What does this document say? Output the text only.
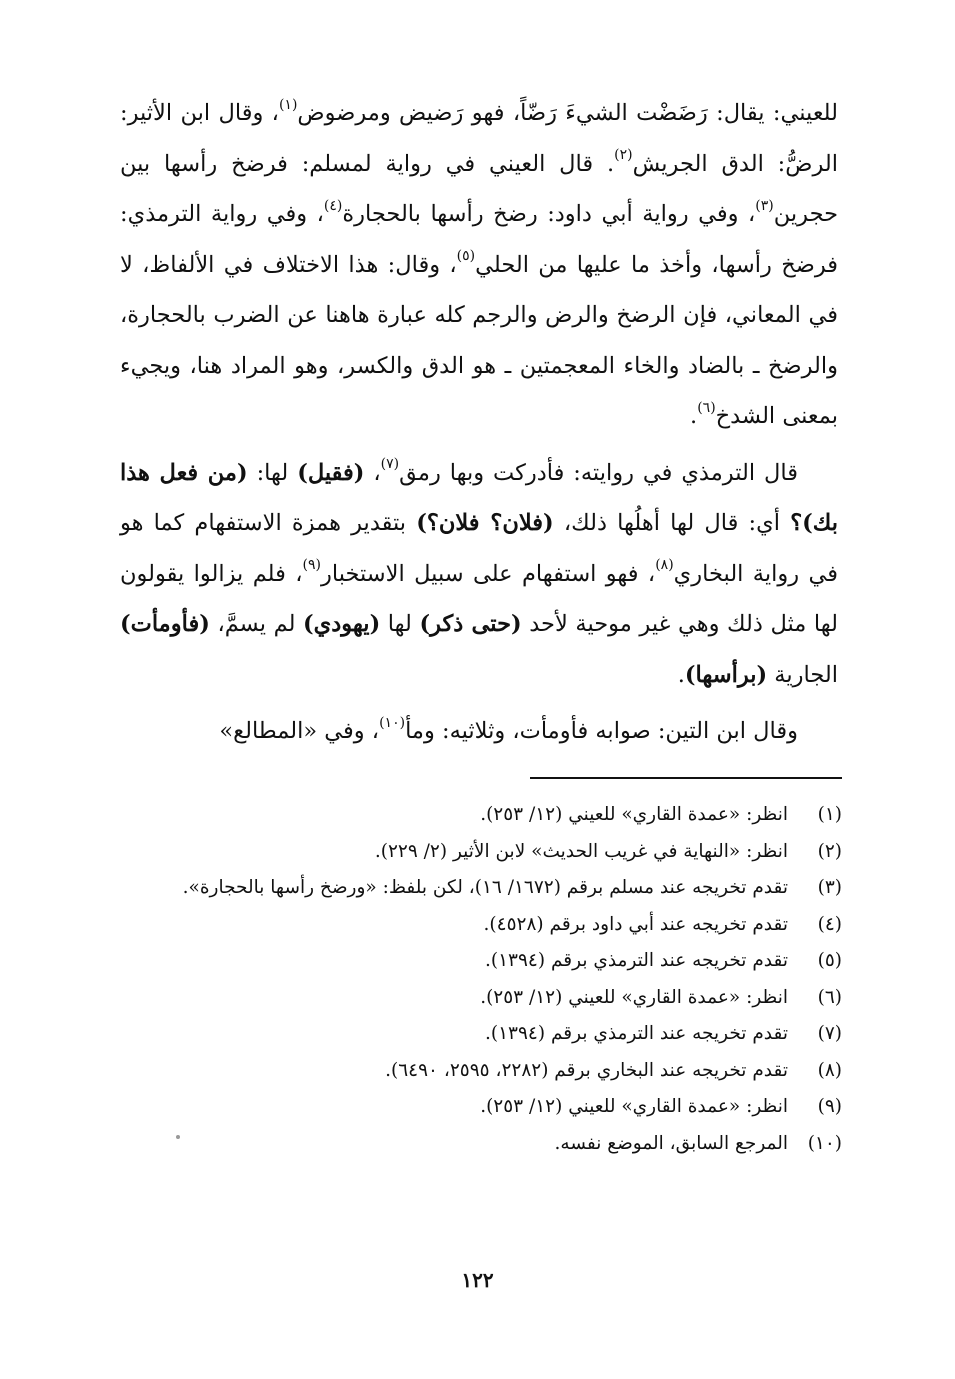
للعيني: يقال: رَضَضْت الشيءَ رَضّاً، فهو رَضيض ومرضوض$^{(١)}$، وقال ابن الأثير: الرضُّ: الدق الجريش$^{(٢)}$. قال العيني في رواية لمسلم: فرضخ رأسها بين حجرين$^{(٣)}$، وفي رواية أبي داود: رضخ رأسها بالحجارة$^{(٤)}$، وفي رواية الترمذي: فرضخ رأسها، وأخذ ما عليها من الحلي$^{(٥)}$، وقال: هذا الاختلاف في الألفاظ، لا في المعاني، فإن الرضخ والرض والرجم كله عبارة هاهنا عن الضرب بالحجارة، والرضخ ـ بالضاد والخاء المعجمتين ـ هو الدق والكسر، وهو المراد هنا، ويجيء بمعنى الشدخ$^{(٦)}$.

قال الترمذي في روايته: فأدركت وبها رمق$^{(٧)}$، (فقيل) لها: (من فعل هذا بك)؟ أي: قال لها أهلُها ذلك، (فلان؟ فلان؟) بتقدير همزة الاستفهام كما هو في رواية البخاري$^{(٨)}$، فهو استفهام على سبيل الاستخبار$^{(٩)}$، فلم يزالوا يقولون لها مثل ذلك وهي غير موحية لأحد (حتى ذكر) لها (يهودي) لم يسمَّ، (فأومأت) الجارية (برأسها).

وقال ابن التين: صوابه فأومأت، وثلاثيه: ومأ$^{(١٠)}$، وفي «المطالع»

(١)
انظر: «عمدة القاري» للعيني (١٢/ ٢٥٣).
(٢)
انظر: «النهاية في غريب الحديث» لابن الأثير (٢/ ٢٢٩).
(٣)
تقدم تخريجه عند مسلم برقم (١٦٧٢/ ١٦)، لكن بلفظ: «ورضخ رأسها بالحجارة».
(٤)
تقدم تخريجه عند أبي داود برقم (٤٥٢٨).
(٥)
تقدم تخريجه عند الترمذي برقم (١٣٩٤).
(٦)
انظر: «عمدة القاري» للعيني (١٢/ ٢٥٣).
(٧)
تقدم تخريجه عند الترمذي برقم (١٣٩٤).
(٨)
تقدم تخريجه عند البخاري برقم (٢٢٨٢، ٢٥٩٥، ٦٤٩٠).
(٩)
انظر: «عمدة القاري» للعيني (١٢/ ٢٥٣).
(١٠)
المرجع السابق، الموضع نفسه.
١٢٢
